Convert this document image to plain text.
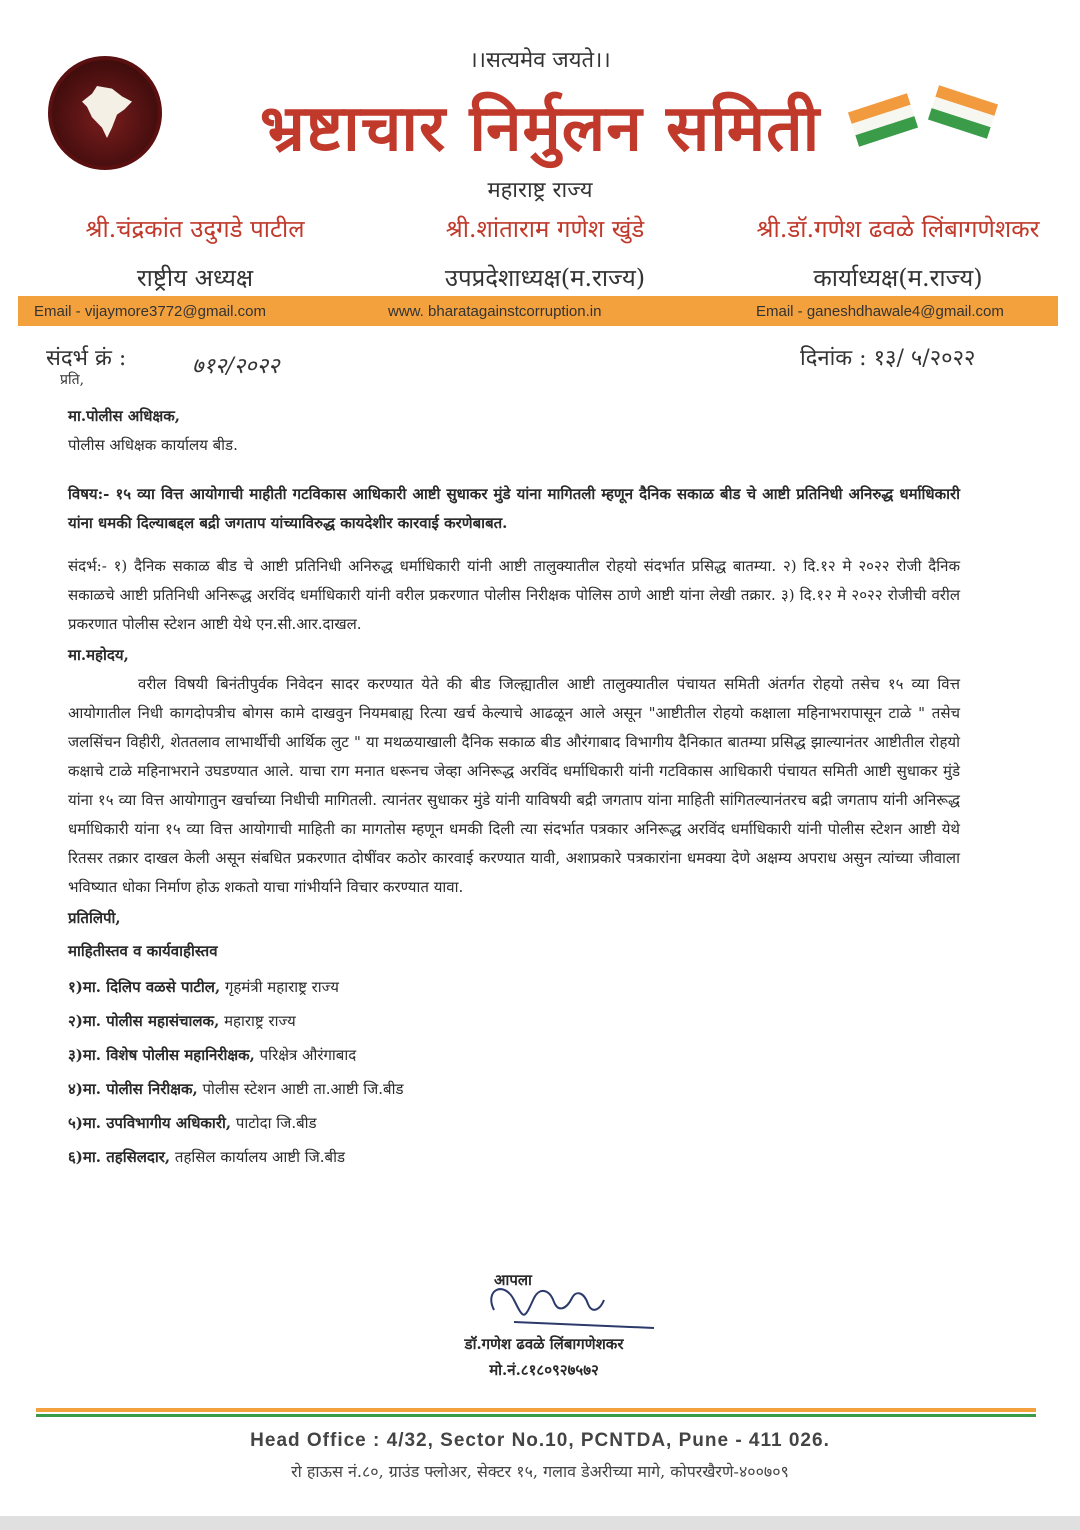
।।सत्यमेव जयते।।
भ्रष्टाचार निर्मुलन समिती
महाराष्ट्र राज्य
श्री.चंद्रकांत उदुगडे पाटील
राष्ट्रीय अध्यक्ष
श्री.शांताराम गणेश खुंडे
उपप्रदेशाध्यक्ष(म.राज्य)
श्री.डॉ.गणेश ढवळे लिंबागणेशकर
कार्याध्यक्ष(म.राज्य)
Email - vijaymore3772@gmail.com	www. bharatagainstcorruption.in	Email - ganeshdhawale4@gmail.com
संदर्भ क्रं :	७१२/२०२२	दिनांक : १३/ ५/२०२२
प्रति,
मा.पोलीस अधिक्षक,
पोलीस अधिक्षक कार्यालय बीड.
विषय:- १५ व्या वित्त आयोगाची माहीती गटविकास आधिकारी आष्टी सुधाकर मुंडे यांना मागितली म्हणून दैनिक सकाळ बीड चे आष्टी प्रतिनिधी अनिरुद्ध धर्माधिकारी यांना धमकी दिल्याबद्दल बद्री जगताप यांच्याविरुद्ध कायदेशीर कारवाई करणेबाबत.
संदर्भ:- १) दैनिक सकाळ बीड चे आष्टी प्रतिनिधी अनिरुद्ध धर्माधिकारी यांनी आष्टी तालुक्यातील रोहयो संदर्भात प्रसिद्ध बातम्या. २) दि.१२ मे २०२२ रोजी दैनिक सकाळचे आष्टी प्रतिनिधी अनिरूद्ध अरविंद धर्माधिकारी यांनी वरील प्रकरणात पोलीस निरीक्षक पोलिस ठाणे आष्टी यांना लेखी तक्रार. ३) दि.१२ मे २०२२ रोजीची वरील प्रकरणात पोलीस स्टेशन आष्टी येथे एन.सी.आर.दाखल.
मा.महोदय,
वरील विषयी बिनंतीपुर्वक निवेदन सादर करण्यात येते की बीड जिल्ह्यातील आष्टी तालुक्यातील पंचायत समिती अंतर्गत रोहयो तसेच १५ व्या वित्त आयोगातील निधी कागदोपत्रीच बोगस कामे दाखवुन नियमबाह्य रित्या खर्च केल्याचे आढळून आले असून "आष्टीतील रोहयो कक्षाला महिनाभरापासून टाळे " तसेच जलसिंचन विहीरी, शेततलाव लाभार्थीची आर्थिक लुट " या मथळयाखाली दैनिक सकाळ बीड औरंगाबाद विभागीय दैनिकात बातम्या प्रसिद्ध झाल्यानंतर आष्टीतील रोहयो कक्षाचे टाळे महिनाभराने उघडण्यात आले. याचा राग मनात धरूनच जेव्हा अनिरूद्ध अरविंद धर्माधिकारी यांनी गटविकास आधिकारी पंचायत समिती आष्टी सुधाकर मुंडे यांना १५ व्या वित्त आयोगातुन खर्चाच्या निधीची मागितली. त्यानंतर सुधाकर मुंडे यांनी याविषयी बद्री जगताप यांना माहिती सांगितल्यानंतरच बद्री जगताप यांनी अनिरूद्ध धर्माधिकारी यांना १५ व्या वित्त आयोगाची माहिती का मागतोस म्हणून धमकी दिली त्या संदर्भात पत्रकार अनिरूद्ध अरविंद धर्माधिकारी यांनी पोलीस स्टेशन आष्टी येथे रितसर तक्रार दाखल केली असून संबधित प्रकरणात दोषींवर कठोर कारवाई करण्यात यावी, अशाप्रकारे पत्रकारांना धमक्या देणे अक्षम्य अपराध असुन त्यांच्या जीवाला भविष्यात धोका निर्माण होऊ शकतो याचा गांभीर्याने विचार करण्यात यावा.
प्रतिलिपी,
माहितीस्तव व कार्यवाहीस्तव
१)मा. दिलिप वळसे पाटील, गृहमंत्री महाराष्ट्र राज्य
२)मा. पोलीस महासंचालक, महाराष्ट्र राज्य
३)मा. विशेष पोलीस महानिरीक्षक, परिक्षेत्र औरंगाबाद
४)मा. पोलीस निरीक्षक, पोलीस स्टेशन आष्टी ता.आष्टी जि.बीड
५)मा. उपविभागीय अधिकारी, पाटोदा जि.बीड
६)मा. तहसिलदार, तहसिल कार्यालय आष्टी जि.बीड
आपला
डॉ.गणेश ढवळे लिंबागणेशकर
मो.नं.८१८०९२७५७२
Head Office : 4/32, Sector No.10, PCNTDA, Pune - 411 026.
रो हाऊस नं.८०, ग्राउंड फ्लोअर, सेक्टर १५, गलाव डेअरीच्या मागे, कोपरखैरणे-४००७०९
